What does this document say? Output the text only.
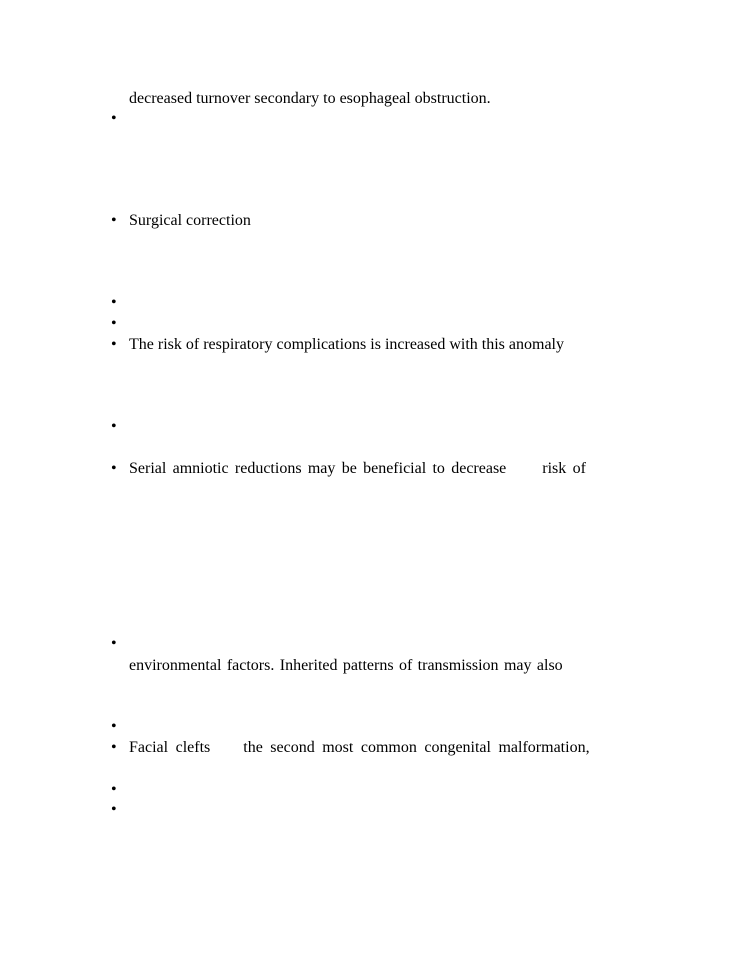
decreased turnover secondary to esophageal obstruction.
•
• Surgical correction
•
•
• The risk of respiratory complications is increased with this anomaly
•
• Serial amniotic reductions may be beneficial to decrease risk of
•
environmental factors. Inherited patterns of transmission may also
•
• Facial clefts the second most common congenital malformation,
•
•
